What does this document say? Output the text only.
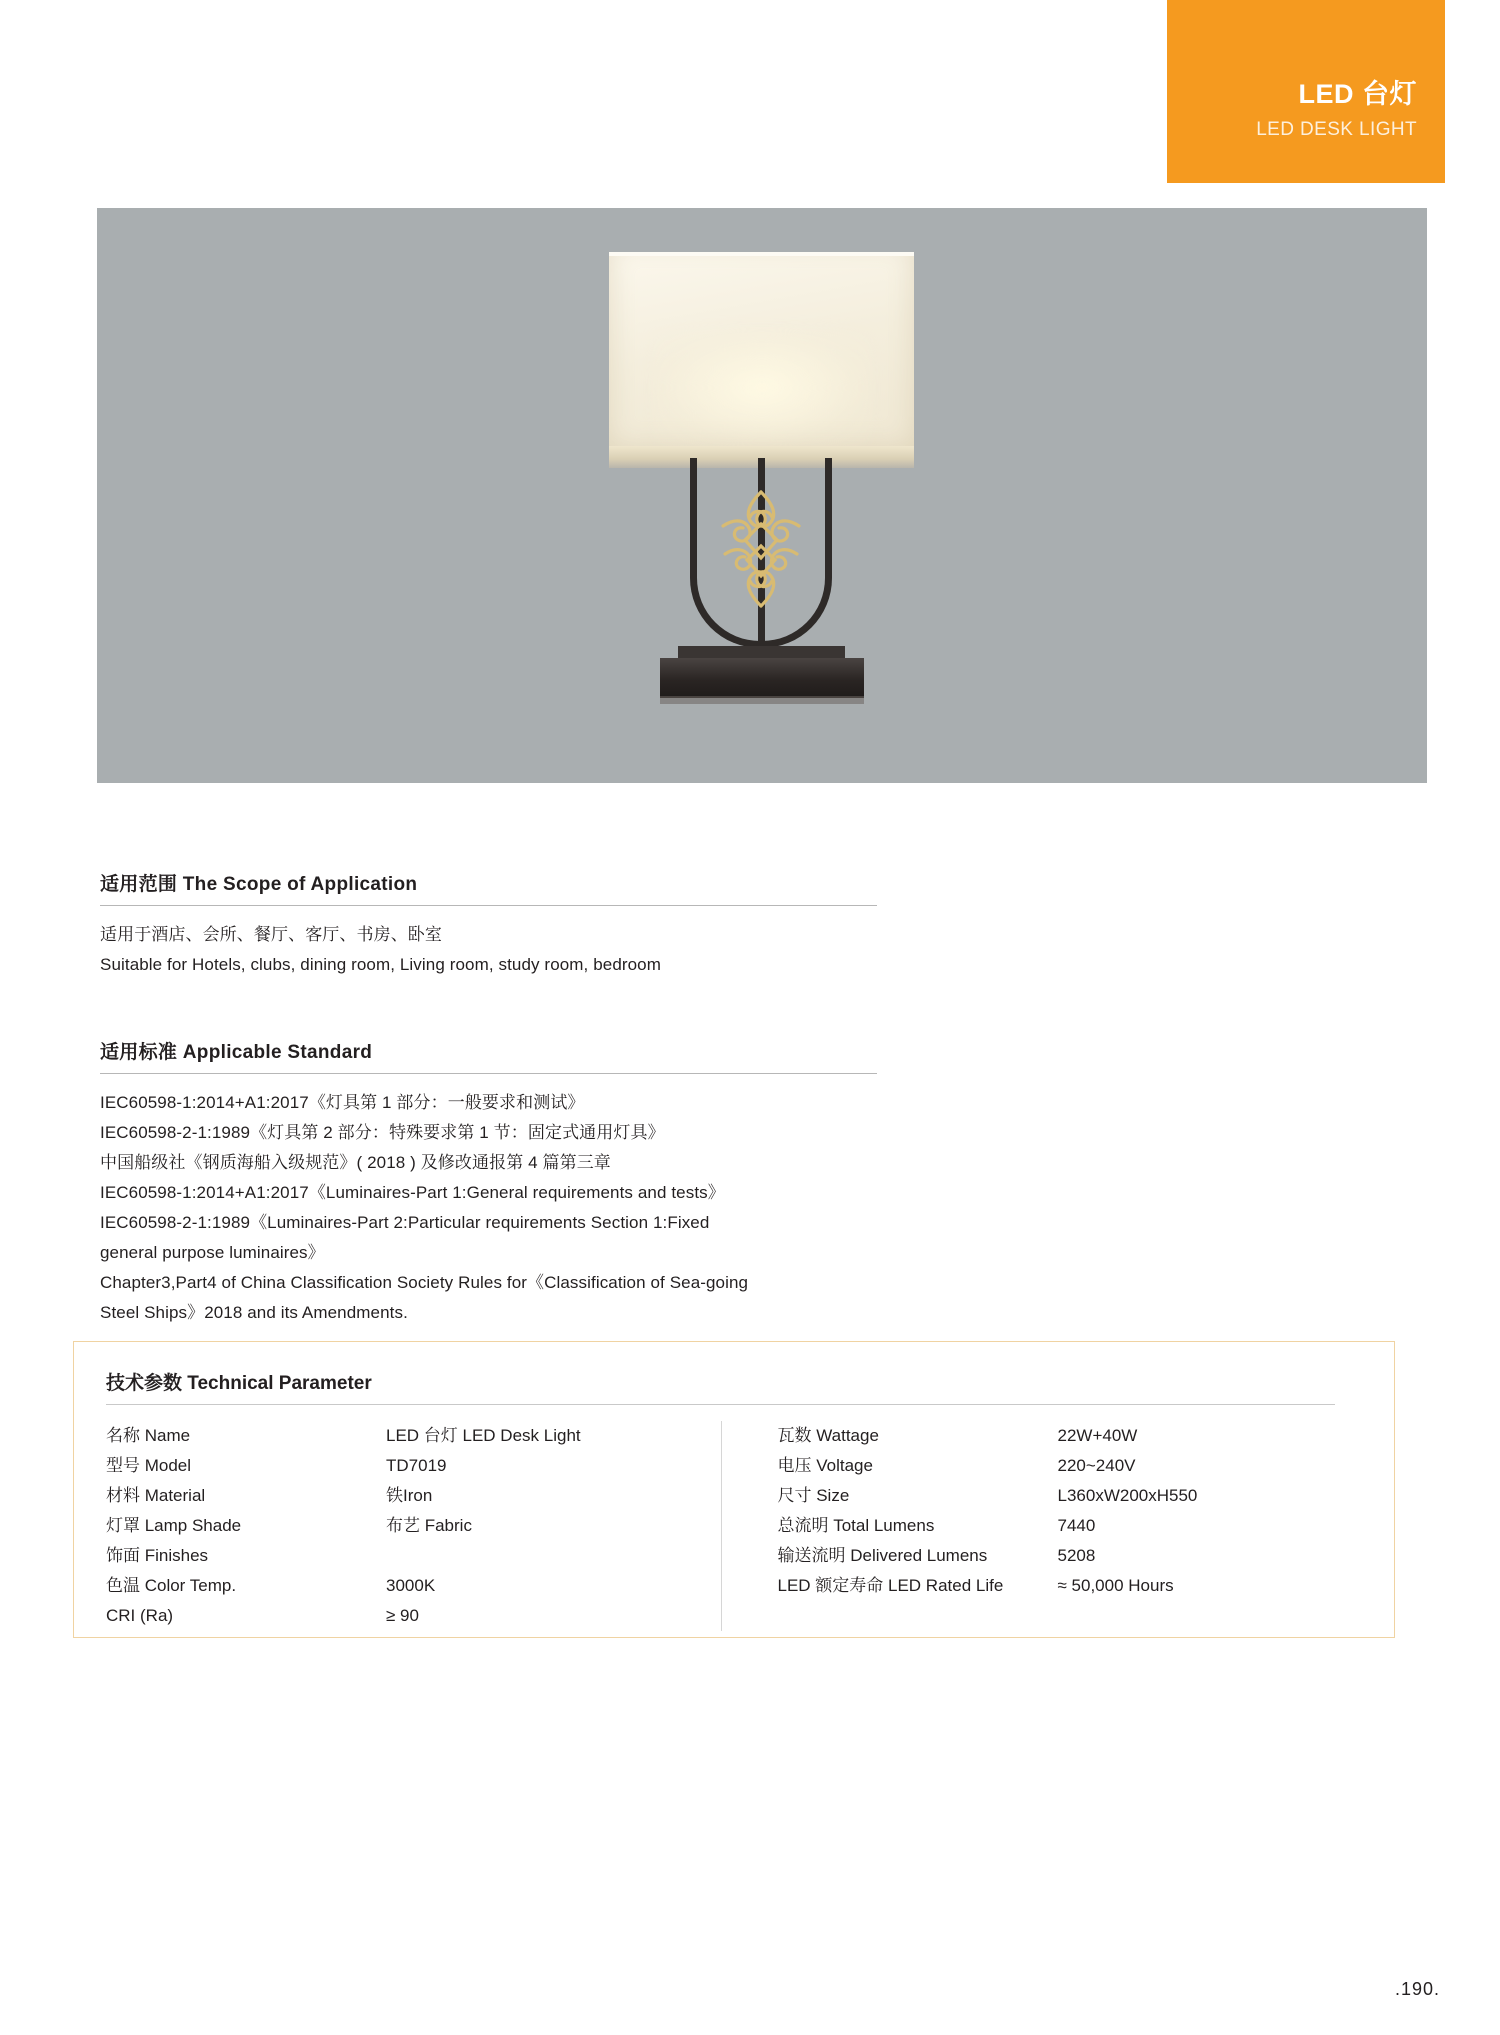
LED 台灯
LED DESK LIGHT
适用范围 The Scope of Application
适用于酒店、会所、餐厅、客厅、书房、卧室
Suitable for Hotels, clubs, dining room, Living room, study room, bedroom
适用标准 Applicable Standard
IEC60598-1:2014+A1:2017《灯具第 1 部分：一般要求和测试》
IEC60598-2-1:1989《灯具第 2 部分：特殊要求第 1 节：固定式通用灯具》
中国船级社《钢质海船入级规范》( 2018 ) 及修改通报第 4 篇第三章
IEC60598-1:2014+A1:2017《Luminaires-Part 1:General requirements and tests》
IEC60598-2-1:1989《Luminaires-Part 2:Particular requirements Section 1:Fixed
general purpose luminaires》
Chapter3,Part4 of China Classification Society Rules for《Classification of Sea-going
Steel Ships》2018 and its Amendments.
技术参数 Technical Parameter
名称 Name	LED 台灯 LED Desk Light
型号 Model	TD7019
材料 Material	铁Iron
灯罩 Lamp Shade	布艺 Fabric
饰面 Finishes
色温 Color Temp.	3000K
CRI (Ra)	≥ 90
瓦数 Wattage	22W+40W
电压 Voltage	220~240V
尺寸 Size	L360xW200xH550
总流明 Total Lumens	7440
输送流明 Delivered Lumens	5208
LED 额定寿命 LED Rated Life	≈ 50,000 Hours
.190.
